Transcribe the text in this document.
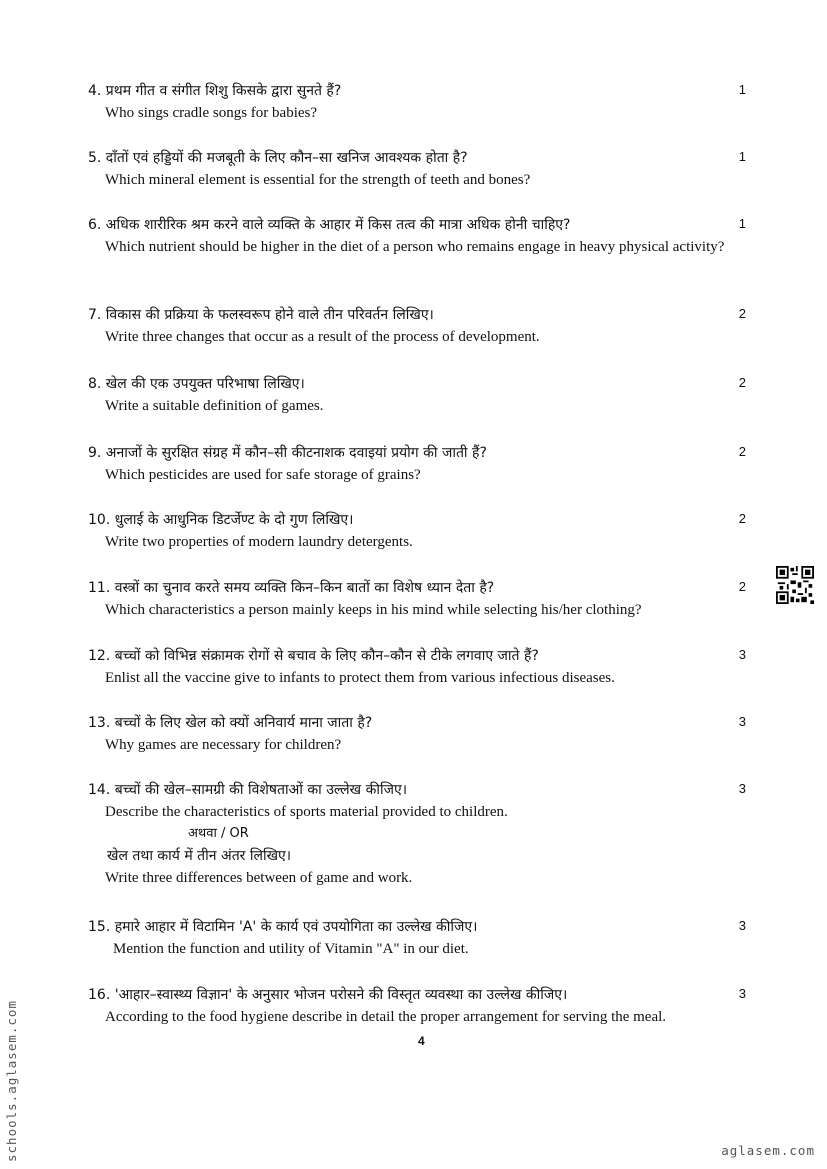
4. प्रथम गीत व संगीत शिशु किसके द्वारा सुनते हैं?
Who sings cradle songs for babies?
1
5. दाँतों एवं हड्डियों की मजबूती के लिए कौन–सा खनिज आवश्यक होता है?
Which mineral element is essential for the strength of teeth and bones?
1
6. अधिक शारीरिक श्रम करने वाले व्यक्ति के आहार में किस तत्व की मात्रा अधिक होनी चाहिए?
Which nutrient should be higher in the diet of a person who remains engage in heavy physical activity?
1
7. विकास की प्रक्रिया के फलस्वरूप होने वाले तीन परिवर्तन लिखिए।
Write three changes that occur as a result of the process of development.
2
8. खेल की एक उपयुक्त परिभाषा लिखिए।
Write a suitable definition of games.
2
9. अनाजों के सुरक्षित संग्रह में कौन–सी कीटनाशक दवाइयां प्रयोग की जाती हैं?
Which pesticides are used for safe storage of grains?
2
10. धुलाई के आधुनिक डिटर्जेण्ट के दो गुण लिखिए।
Write two properties of modern laundry detergents.
2
11. वस्त्रों का चुनाव करते समय व्यक्ति किन–किन बातों का विशेष ध्यान देता है?
Which characteristics a person mainly keeps in his mind while selecting his/her clothing?
2
12. बच्चों को विभिन्न संक्रामक रोगों से बचाव के लिए कौन–कौन से टीके लगवाए जाते हैं?
Enlist all the vaccine give to infants to protect them from various infectious diseases.
3
13. बच्चों के लिए खेल को क्यों अनिवार्य माना जाता है?
Why games are necessary for children?
3
14. बच्चों की खेल–सामग्री की विशेषताओं का उल्लेख कीजिए।
Describe the characteristics of sports material provided to children.
अथवा / OR
खेल तथा कार्य में तीन अंतर लिखिए।
Write three differences between of game and work.
3
15. हमारे आहार में विटामिन 'A' के कार्य एवं उपयोगिता का उल्लेख कीजिए।
Mention the function and utility of Vitamin "A" in our diet.
3
16. 'आहार–स्वास्थ्य विज्ञान' के अनुसार भोजन परोसने की विस्तृत व्यवस्था का उल्लेख कीजिए।
According to the food hygiene describe in detail the proper arrangement for serving the meal.
3
4
schools.aglasem.com	aglasem.com
